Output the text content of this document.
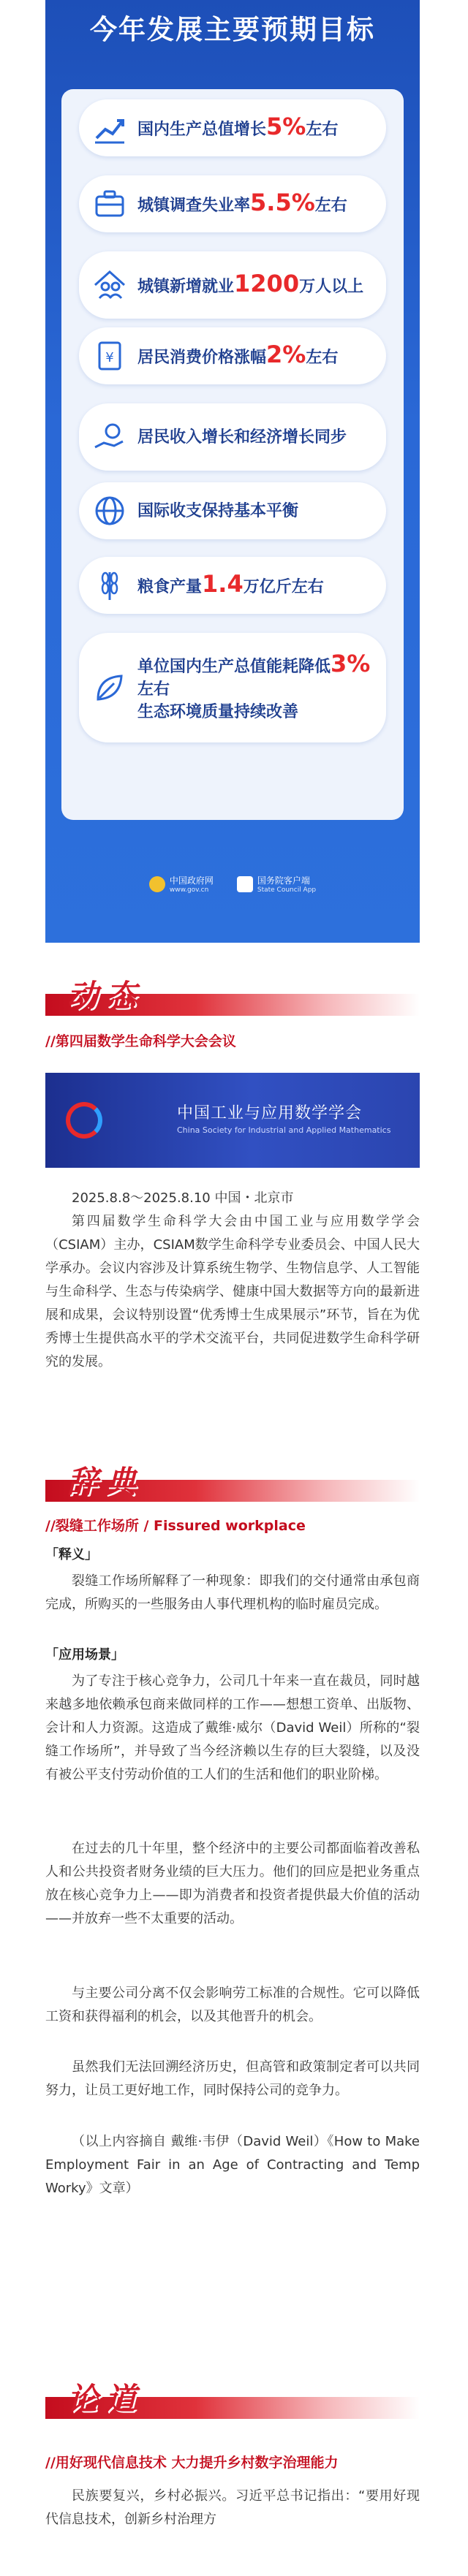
今年发展主要预期目标
国内生产总值增长5%左右
城镇调查失业率5.5%左右
城镇新增就业1200万人以上
¥ 居民消费价格涨幅2%左右
居民收入增长和经济增长同步
国际收支保持基本平衡
粮食产量1.4万亿斤左右
单位国内生产总值能耗降低3%左右
生态环境质量持续改善
中国政府网
www.gov.cn
国务院客户端
State Council App
动态
//第四届数学生命科学大会会议
中国工业与应用数学学会
China Society for Industrial and Applied Mathematics
2025.8.8～2025.8.10 中国・北京市
第四届数学生命科学大会由中国工业与应用数学学会（CSIAM）主办，CSIAM数学生命科学专业委员会、中国人民大学承办。会议内容涉及计算系统生物学、生物信息学、人工智能与生命科学、生态与传染病学、健康中国大数据等方向的最新进展和成果，会议特别设置“优秀博士生成果展示”环节，旨在为优秀博士生提供高水平的学术交流平台，共同促进数学生命科学研究的发展。
辞典
//裂缝工作场所 / Fissured workplace
「释义」
裂缝工作场所解释了一种现象：即我们的交付通常由承包商完成，所购买的一些服务由人事代理机构的临时雇员完成。
「应用场景」
为了专注于核心竞争力，公司几十年来一直在裁员，同时越来越多地依赖承包商来做同样的工作——想想工资单、出版物、会计和人力资源。这造成了戴维·威尔（David Weil）所称的“裂缝工作场所”，并导致了当今经济赖以生存的巨大裂缝，以及没有被公平支付劳动价值的工人们的生活和他们的职业阶梯。
在过去的几十年里，整个经济中的主要公司都面临着改善私人和公共投资者财务业绩的巨大压力。他们的回应是把业务重点放在核心竞争力上——即为消费者和投资者提供最大价值的活动——并放弃一些不太重要的活动。
与主要公司分离不仅会影响劳工标准的合规性。它可以降低工资和获得福利的机会，以及其他晋升的机会。
虽然我们无法回溯经济历史，但高管和政策制定者可以共同努力，让员工更好地工作，同时保持公司的竞争力。
（以上内容摘自 戴维·韦伊（David Weil）《How to Make Employment Fair in an Age of Contracting and Temp Worky》文章）
论道
//用好现代信息技术 大力提升乡村数字治理能力
民族要复兴，乡村必振兴。习近平总书记指出：“要用好现代信息技术，创新乡村治理方
